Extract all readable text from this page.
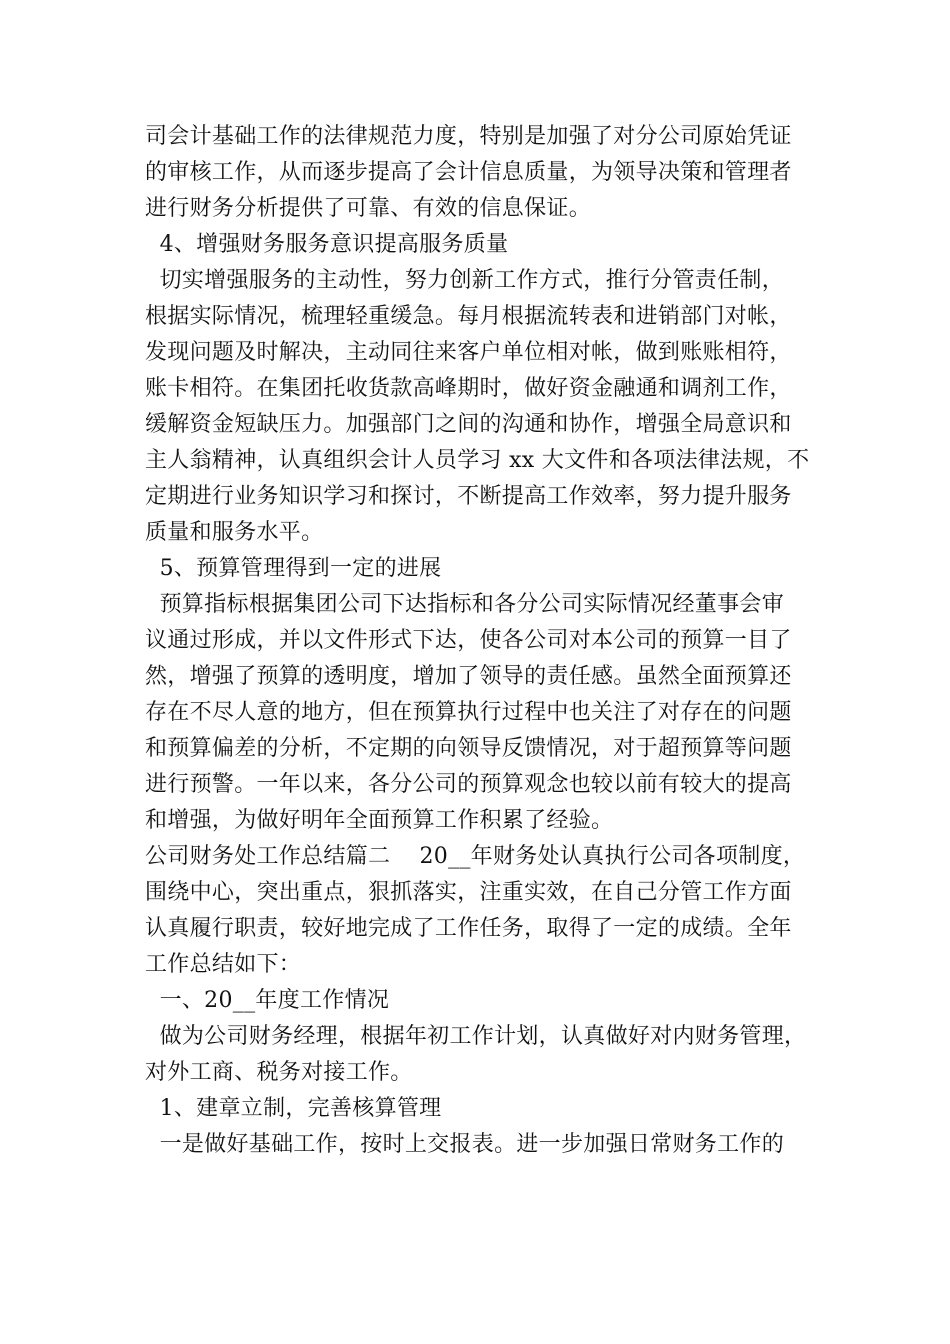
司会计基础工作的法律规范力度，特别是加强了对分公司原始凭证

的审核工作，从而逐步提高了会计信息质量，为领导决策和管理者

进行财务分析提供了可靠、有效的信息保证。

4、增强财务服务意识提高服务质量

切实增强服务的主动性，努力创新工作方式，推行分管责任制，

根据实际情况，梳理轻重缓急。每月根据流转表和进销部门对帐，

发现问题及时解决，主动同往来客户单位相对帐，做到账账相符，

账卡相符。在集团托收货款高峰期时，做好资金融通和调剂工作，

缓解资金短缺压力。加强部门之间的沟通和协作，增强全局意识和

主人翁精神，认真组织会计人员学习 xx 大文件和各项法律法规，不

定期进行业务知识学习和探讨，不断提高工作效率，努力提升服务

质量和服务水平。

5、预算管理得到一定的进展

预算指标根据集团公司下达指标和各分公司实际情况经董事会审

议通过形成，并以文件形式下达，使各公司对本公司的预算一目了

然，增强了预算的透明度，增加了领导的责任感。虽然全面预算还

存在不尽人意的地方，但在预算执行过程中也关注了对存在的问题

和预算偏差的分析，不定期的向领导反馈情况，对于超预算等问题

进行预警。一年以来，各分公司的预算观念也较以前有较大的提高

和增强，为做好明年全面预算工作积累了经验。

公司财务处工作总结篇二    20__年财务处认真执行公司各项制度，

围绕中心，突出重点，狠抓落实，注重实效，在自己分管工作方面

认真履行职责，较好地完成了工作任务，取得了一定的成绩。全年

工作总结如下：

一、20__年度工作情况

做为公司财务经理，根据年初工作计划，认真做好对内财务管理，

对外工商、税务对接工作。

1、建章立制，完善核算管理

一是做好基础工作，按时上交报表。进一步加强日常财务工作的
